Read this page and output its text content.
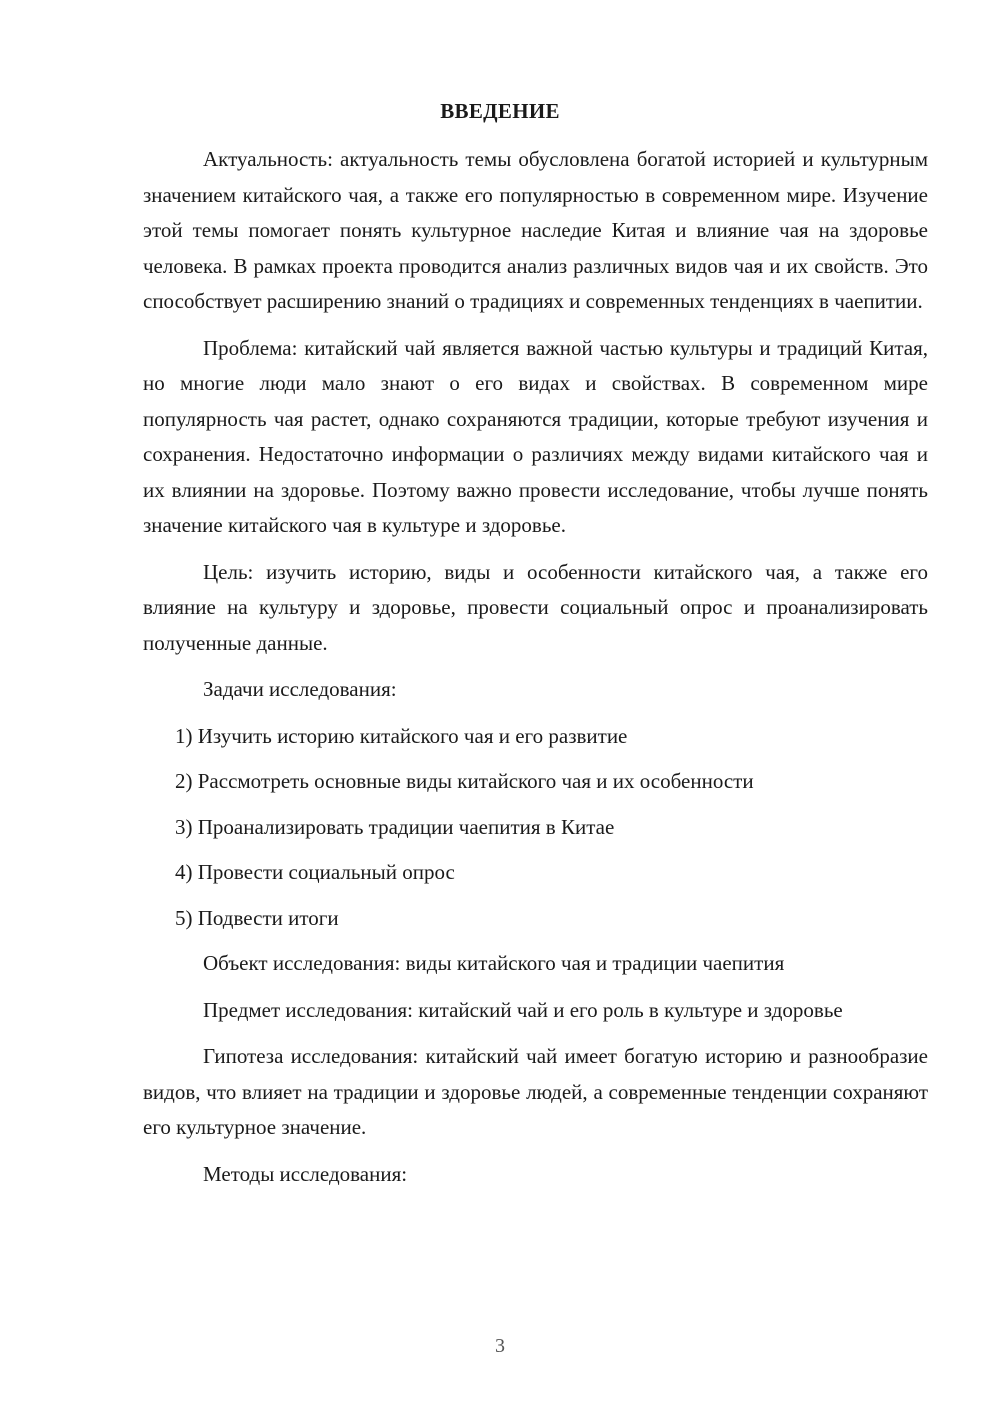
ВВЕДЕНИЕ

Актуальность: актуальность темы обусловлена богатой историей и культурным значением китайского чая, а также его популярностью в современном мире. Изучение этой темы помогает понять культурное наследие Китая и влияние чая на здоровье человека. В рамках проекта проводится анализ различных видов чая и их свойств. Это способствует расширению знаний о традициях и современных тенденциях в чаепитии.

Проблема: китайский чай является важной частью культуры и традиций Китая, но многие люди мало знают о его видах и свойствах. В современном мире популярность чая растет, однако сохраняются традиции, которые требуют изучения и сохранения. Недостаточно информации о различиях между видами китайского чая и их влиянии на здоровье. Поэтому важно провести исследование, чтобы лучше понять значение китайского чая в культуре и здоровье.

Цель: изучить историю, виды и особенности китайского чая, а также его влияние на культуру и здоровье, провести социальный опрос и проанализировать полученные данные.

Задачи исследования:

1) Изучить историю китайского чая и его развитие
2) Рассмотреть основные виды китайского чая и их особенности
3) Проанализировать традиции чаепития в Китае
4) Провести социальный опрос
5) Подвести итоги

Объект исследования: виды китайского чая и традиции чаепития

Предмет исследования: китайский чай и его роль в культуре и здоровье

Гипотеза исследования: китайский чай имеет богатую историю и разнообразие видов, что влияет на традиции и здоровье людей, а современные тенденции сохраняют его культурное значение.

Методы исследования:

3
